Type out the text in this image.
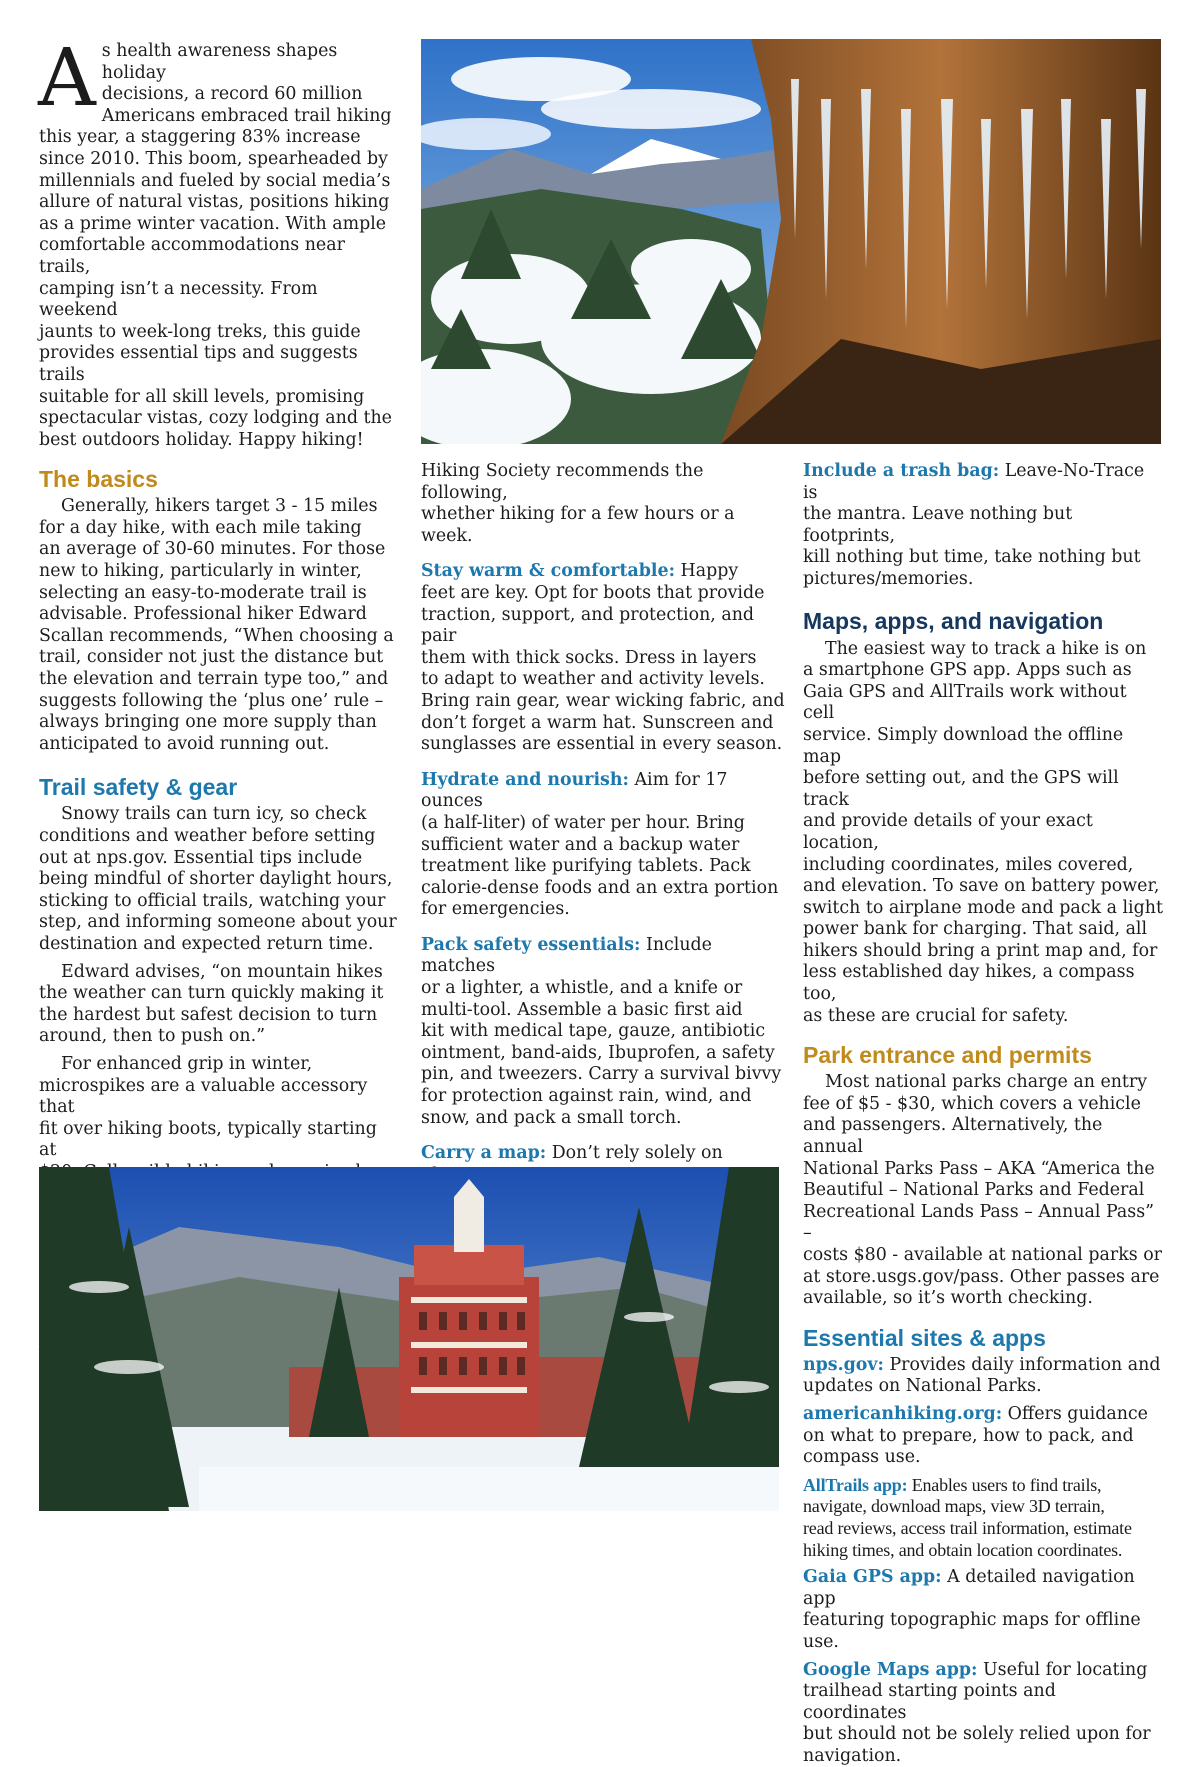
A s health awareness shapes holiday
decisions, a record 60 million
Americans embraced trail hiking
this year, a staggering 83% increase
since 2010. This boom, spearheaded by
millennials and fueled by social media’s
allure of natural vistas, positions hiking
as a prime winter vacation. With ample
comfortable accommodations near trails,
camping isn’t a necessity. From weekend
jaunts to week-long treks, this guide
provides essential tips and suggests trails
suitable for all skill levels, promising
spectacular vistas, cozy lodging and the
best outdoors holiday. Happy hiking!

The basics

Generally, hikers target 3 - 15 miles
for a day hike, with each mile taking
an average of 30-60 minutes. For those
new to hiking, particularly in winter,
selecting an easy-to-moderate trail is
advisable. Professional hiker Edward
Scallan recommends, “When choosing a
trail, consider not just the distance but
the elevation and terrain type too,” and
suggests following the ‘plus one’ rule –
always bringing one more supply than
anticipated to avoid running out.

Trail safety & gear

Snowy trails can turn icy, so check
conditions and weather before setting
out at nps.gov. Essential tips include
being mindful of shorter daylight hours,
sticking to official trails, watching your
step, and informing someone about your
destination and expected return time.

Edward advises, “on mountain hikes
the weather can turn quickly making it
the hardest but safest decision to turn
around, then to push on.”

For enhanced grip in winter,
microspikes are a valuable accessory that
fit over hiking boots, typically starting at

Hiking Society recommends the following,
whether hiking for a few hours or a week.

Stay warm & comfortable: Happy
feet are key. Opt for boots that provide
traction, support, and protection, and pair
them with thick socks. Dress in layers
to adapt to weather and activity levels.
Bring rain gear, wear wicking fabric, and
don’t forget a warm hat. Sunscreen and
sunglasses are essential in every season.

Hydrate and nourish: Aim for 17 ounces
(a half-liter) of water per hour. Bring
sufficient water and a backup water
treatment like purifying tablets. Pack
calorie-dense foods and an extra portion
for emergencies.

Pack safety essentials: Include matches
or a lighter, a whistle, and a knife or
multi-tool. Assemble a basic first aid
kit with medical tape, gauze, antibiotic
ointment, band-aids, Ibuprofen, a safety
pin, and tweezers. Carry a survival bivvy
for protection against rain, wind, and
snow, and pack a small torch.

Carry a map: Don’t rely solely on

Include a trash bag: Leave-No-Trace is
the mantra. Leave nothing but footprints,
kill nothing but time, take nothing but
pictures/memories.

Maps, apps, and navigation

The easiest way to track a hike is on
a smartphone GPS app. Apps such as
Gaia GPS and AllTrails work without cell
service. Simply download the offline map
before setting out, and the GPS will track
and provide details of your exact location,
including coordinates, miles covered,
and elevation. To save on battery power,
switch to airplane mode and pack a light
power bank for charging. That said, all
hikers should bring a print map and, for
less established day hikes, a compass too,
as these are crucial for safety.

Park entrance and permits

Most national parks charge an entry
fee of $5 - $30, which covers a vehicle
and passengers. Alternatively, the annual
National Parks Pass – AKA “America the
Beautiful – National Parks and Federal
Recreational Lands Pass – Annual Pass” –
costs $80 - available at national parks or
at store.usgs.gov/pass. Other passes are
available, so it’s worth checking.

Essential sites & apps

nps.gov: Provides daily information and
updates on National Parks.

americanhiking.org: Offers guidance
on what to prepare, how to pack, and
compass use.

AllTrails app: Enables users to find trails,
navigate, download maps, view 3D terrain,
read reviews, access trail information, estimate
hiking times, and obtain location coordinates.

Gaia GPS app: A detailed navigation app
featuring topographic maps for offline use.

Google Maps app: Useful for locating
trailhead starting points and coordinates
but should not be solely relied upon for
navigation.
